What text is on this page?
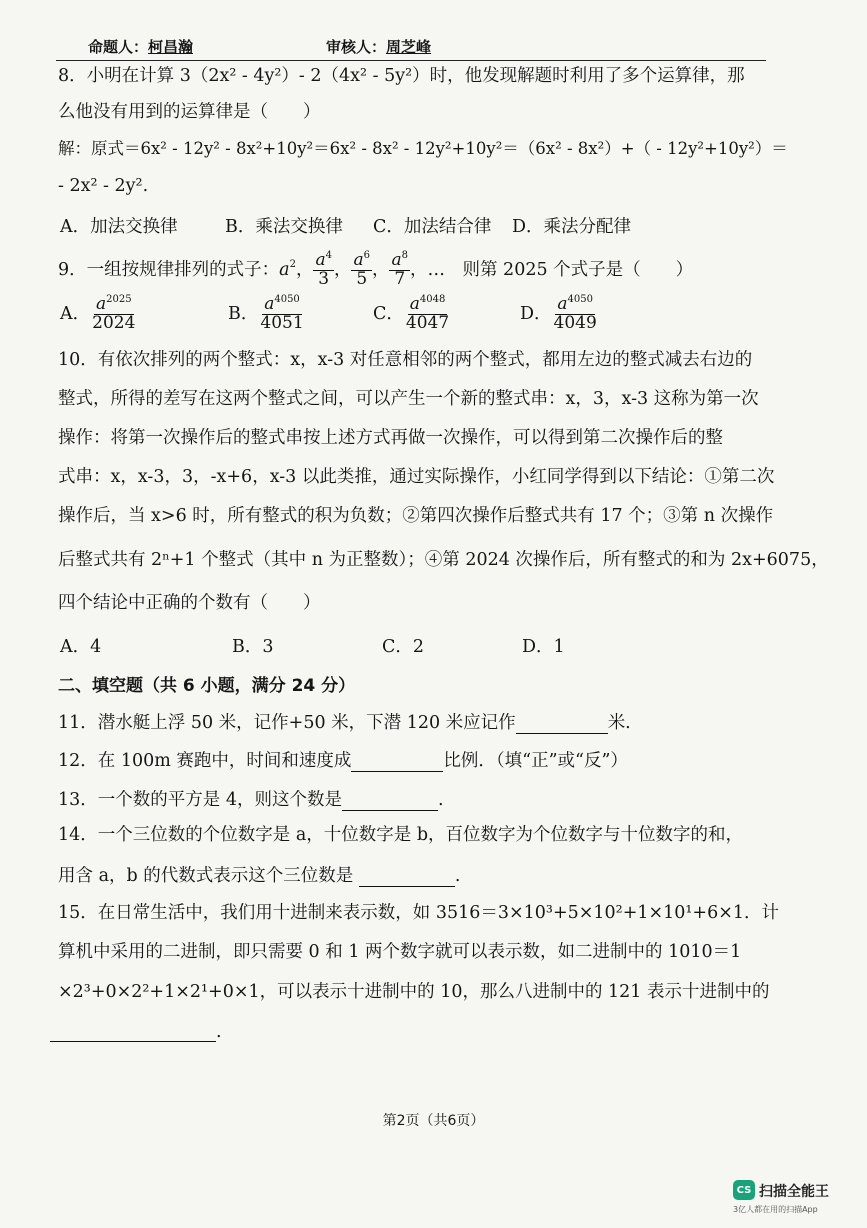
命题人：柯昌瀚	审核人：周芝峰
8．小明在计算 3（2x² - 4y²）- 2（4x² - 5y²）时，他发现解题时利用了多个运算律，那
么他没有用到的运算律是（　　）
解：原式＝6x² - 12y² - 8x²+10y²＝6x² - 8x² - 12y²+10y²＝（6x² - 8x²）+（ - 12y²+10y²）＝
- 2x² - 2y².
A．加法交换律	B．乘法交换律 C．加法结合律 D．乘法分配律
9．一组按规律排列的式子：$a^2$， $\frac{a^4}{3}$ ， $\frac{a^6}{5}$ ， $\frac{a^8}{7}$ ，…　则第 2025 个式子是（　　）
A． $\frac{a^{2025}}{2024}$	B． $\frac{a^{4050}}{4051}$	C． $\frac{a^{4048}}{4047}$	D． $\frac{a^{4050}}{4049}$
10．有依次排列的两个整式：x，x-3 对任意相邻的两个整式，都用左边的整式减去右边的
整式，所得的差写在这两个整式之间，可以产生一个新的整式串：x，3，x-3 这称为第一次
操作：将第一次操作后的整式串按上述方式再做一次操作，可以得到第二次操作后的整
式串：x，x-3，3，-x+6，x-3 以此类推，通过实际操作，小红同学得到以下结论：①第二次
操作后，当 x>6 时，所有整式的积为负数；②第四次操作后整式共有 17 个；③第 n 次操作
后整式共有 2ⁿ+1 个整式（其中 n 为正整数）；④第 2024 次操作后，所有整式的和为 2x+6075，
四个结论中正确的个数有（　　）
A．4	B．3	C．2	D．1
二、填空题（共 6 小题，满分 24 分）
11．潜水艇上浮 50 米，记作+50 米，下潜 120 米应记作	米.
12．在 100m 赛跑中，时间和速度成	比例．（填“正”或“反”）
13．一个数的平方是 4，则这个数是	.
14．一个三位数的个位数字是 a，十位数字是 b，百位数字为个位数字与十位数字的和，
用含 a，b 的代数式表示这个三位数是	.
15．在日常生活中，我们用十进制来表示数，如 3516＝3×10³+5×10²+1×10¹+6×1．计
算机中采用的二进制，即只需要 0 和 1 两个数字就可以表示数，如二进制中的 1010＝1
×2³+0×2²+1×2¹+0×1，可以表示十进制中的 10，那么八进制中的 121 表示十进制中的
.
第2页（共6页）
CS 扫描全能王
3亿人都在用的扫描App
